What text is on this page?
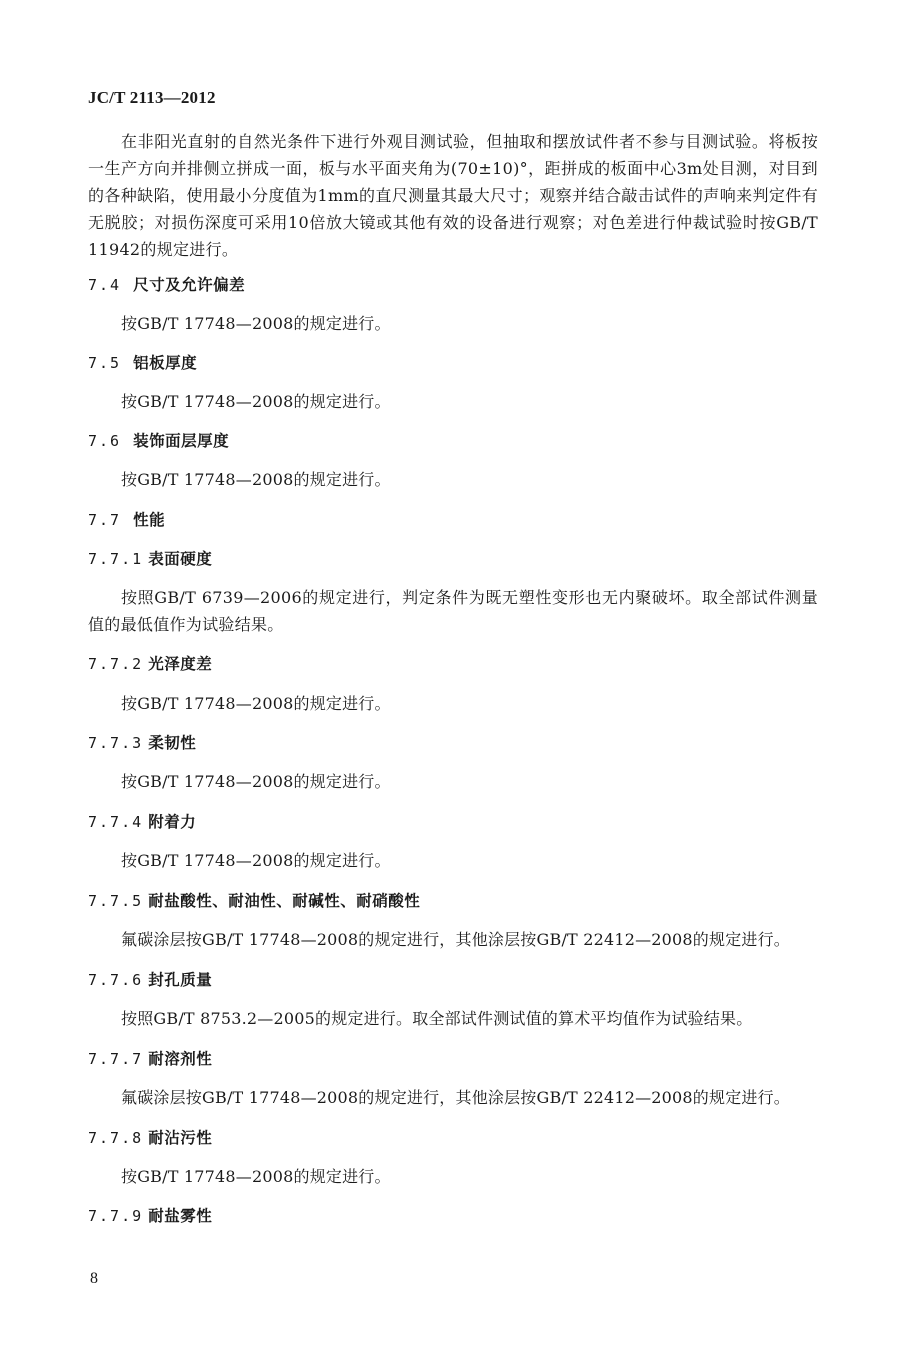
JC/T 2113—2012
在非阳光直射的自然光条件下进行外观目测试验，但抽取和摆放试件者不参与目测试验。将板按一生产方向并排侧立拼成一面，板与水平面夹角为(70±10)°，距拼成的板面中心3m处目测，对目到的各种缺陷，使用最小分度值为1mm的直尺测量其最大尺寸；观察并结合敲击试件的声响来判定件有无脱胶；对损伤深度可采用10倍放大镜或其他有效的设备进行观察；对色差进行仲裁试验时按GB/T 11942的规定进行。
7.4 尺寸及允许偏差
按GB/T 17748—2008的规定进行。
7.5 铝板厚度
按GB/T 17748—2008的规定进行。
7.6 装饰面层厚度
按GB/T 17748—2008的规定进行。
7.7 性能
7.7.1 表面硬度
按照GB/T 6739—2006的规定进行，判定条件为既无塑性变形也无内聚破坏。取全部试件测量值的最低值作为试验结果。
7.7.2 光泽度差
按GB/T 17748—2008的规定进行。
7.7.3 柔韧性
按GB/T 17748—2008的规定进行。
7.7.4 附着力
按GB/T 17748—2008的规定进行。
7.7.5 耐盐酸性、耐油性、耐碱性、耐硝酸性
氟碳涂层按GB/T 17748—2008的规定进行，其他涂层按GB/T 22412—2008的规定进行。
7.7.6 封孔质量
按照GB/T 8753.2—2005的规定进行。取全部试件测试值的算术平均值作为试验结果。
7.7.7 耐溶剂性
氟碳涂层按GB/T 17748—2008的规定进行，其他涂层按GB/T 22412—2008的规定进行。
7.7.8 耐沾污性
按GB/T 17748—2008的规定进行。
7.7.9 耐盐雾性
8
